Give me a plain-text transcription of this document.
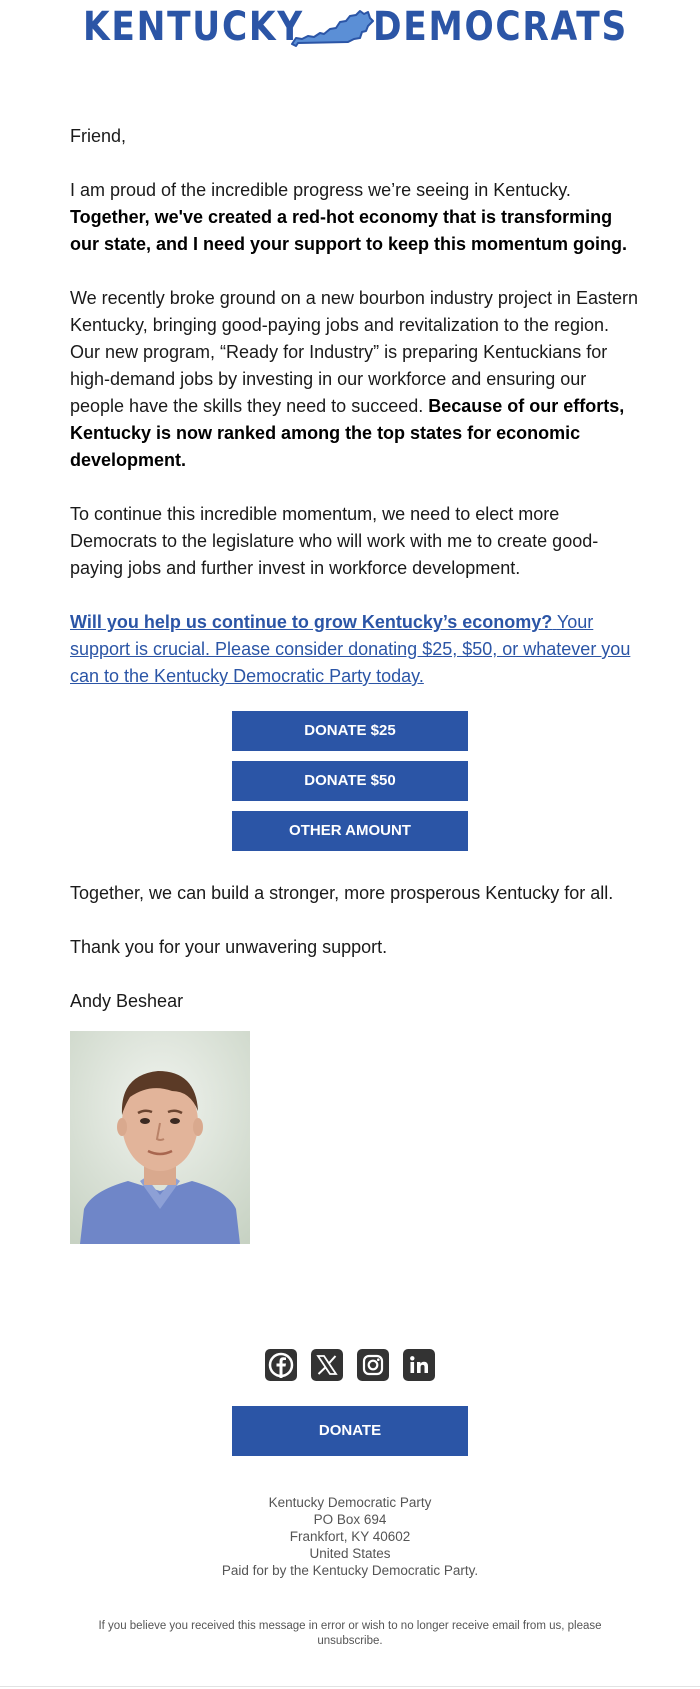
KENTUCKY DEMOCRATS
Friend,
I am proud of the incredible progress we’re seeing in Kentucky. Together, we've created a red-hot economy that is transforming our state, and I need your support to keep this momentum going.
We recently broke ground on a new bourbon industry project in Eastern Kentucky, bringing good-paying jobs and revitalization to the region. Our new program, “Ready for Industry” is preparing Kentuckians for high-demand jobs by investing in our workforce and ensuring our people have the skills they need to succeed. Because of our efforts, Kentucky is now ranked among the top states for economic development.
To continue this incredible momentum, we need to elect more Democrats to the legislature who will work with me to create good-paying jobs and further invest in workforce development.
Will you help us continue to grow Kentucky’s economy? Your support is crucial. Please consider donating $25, $50, or whatever you can to the Kentucky Democratic Party today.
DONATE $25
DONATE $50
OTHER AMOUNT
Together, we can build a stronger, more prosperous Kentucky for all.
Thank you for your unwavering support.
Andy Beshear
DONATE
Kentucky Democratic Party
PO Box 694
Frankfort, KY 40602
United States
Paid for by the Kentucky Democratic Party.
If you believe you received this message in error or wish to no longer receive email from us, please unsubscribe.
